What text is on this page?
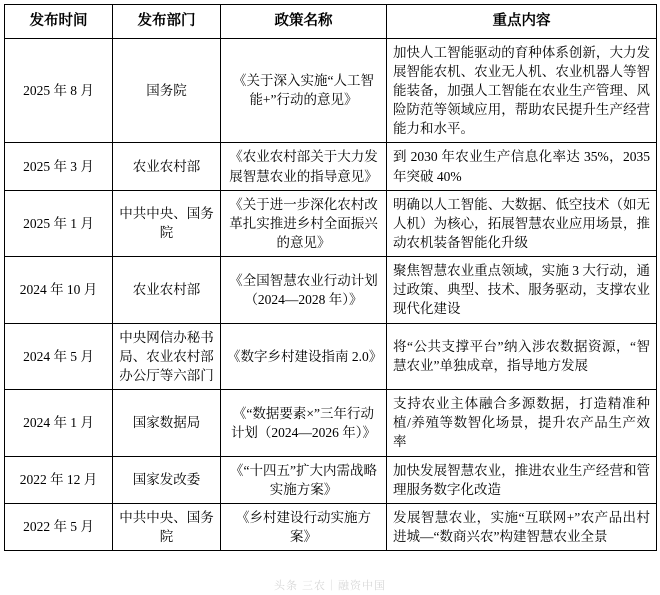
发布时间	发布部门	政策名称	重点内容
2025 年 8 月	国务院	《关于深入实施“人工智能+”行动的意见》	加快人工智能驱动的育种体系创新，大力发展智能农机、农业无人机、农业机器人等智能装备，加强人工智能在农业生产管理、风险防范等领域应用，帮助农民提升生产经营能力和水平。
2025 年 3 月	农业农村部	《农业农村部关于大力发展智慧农业的指导意见》	到 2030 年农业生产信息化率达 35%，2035 年突破 40%
2025 年 1 月	中共中央、国务院	《关于进一步深化农村改革扎实推进乡村全面振兴的意见》	明确以人工智能、大数据、低空技术（如无人机）为核心，拓展智慧农业应用场景，推动农机装备智能化升级
2024 年 10 月	农业农村部	《全国智慧农业行动计划（2024—2028 年）》	聚焦智慧农业重点领域，实施 3 大行动，通过政策、典型、技术、服务驱动，支撑农业现代化建设
2024 年 5 月	中央网信办秘书局、农业农村部办公厅等六部门	《数字乡村建设指南 2.0》	将“公共支撑平台”纳入涉农数据资源，“智慧农业”单独成章，指导地方发展
2024 年 1 月	国家数据局	《“数据要素×”三年行动计划（2024—2026 年）》	支持农业主体融合多源数据，打造精准种植/养殖等数智化场景，提升农产品生产效率
2022 年 12 月	国家发改委	《“十四五”扩大内需战略实施方案》	加快发展智慧农业，推进农业生产经营和管理服务数字化改造
2022 年 5 月	中共中央、国务院	《乡村建设行动实施方案》	发展智慧农业，实施“互联网+”农产品出村进城—“数商兴农”构建智慧农业全景
头条 三农｜融资中国
